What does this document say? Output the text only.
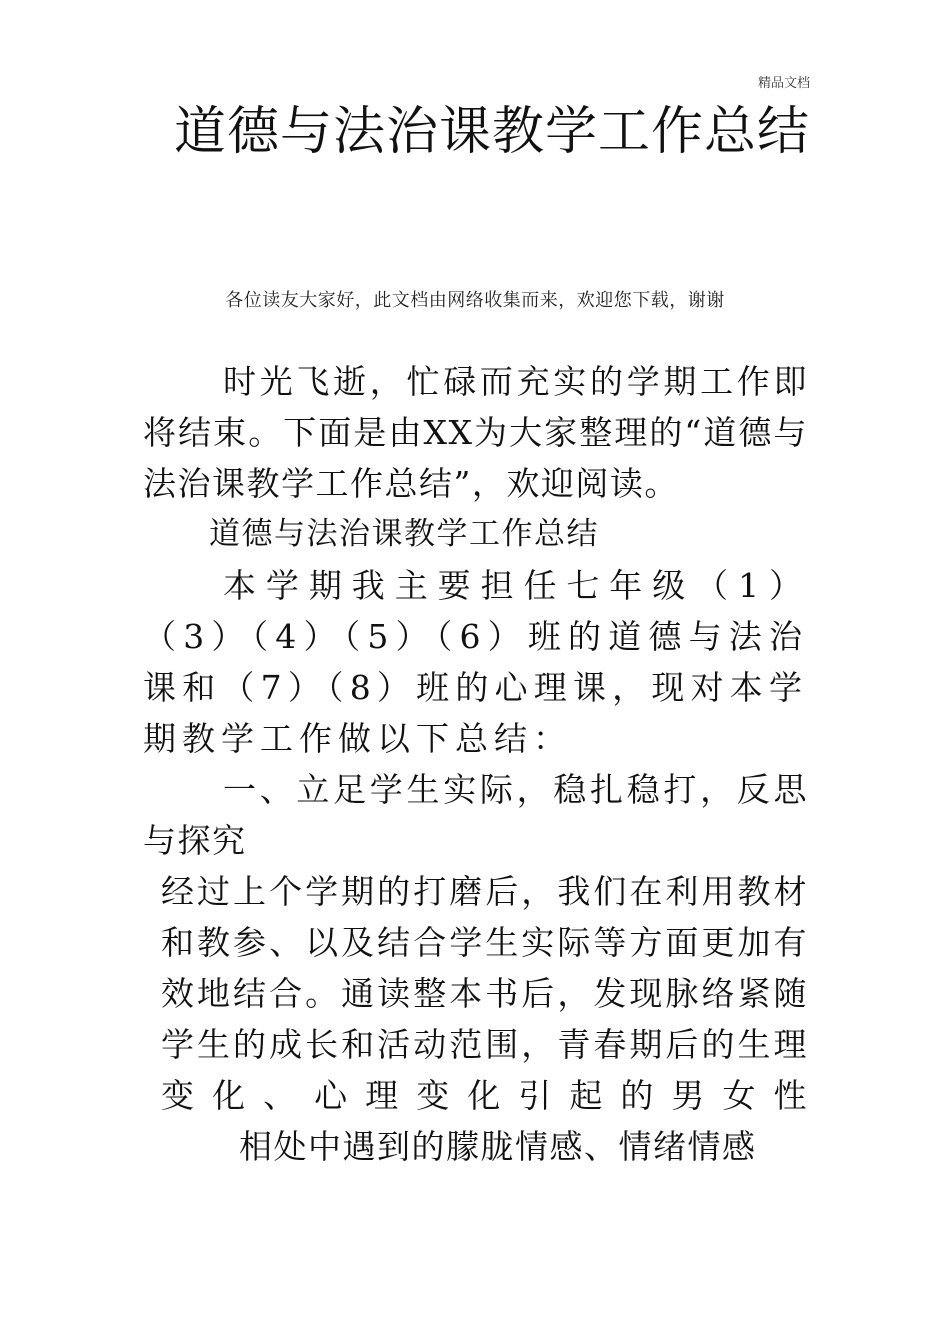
精品文档
道德与法治课教学工作总结
各位读友大家好，此文档由网络收集而来，欢迎您下载，谢谢

时光飞逝，忙碌而充实的学期工作即将结束。下面是由XX为大家整理的“道德与法治课教学工作总结”，欢迎阅读。

道德与法治课教学工作总结

本学期我主要担任七年级（1）（3）（4）（5）（6）班的道德与法治课和（7）（8）班的心理课，现对本学期教学工作做以下总结：

一、立足学生实际，稳扎稳打，反思与探究

经过上个学期的打磨后，我们在利用教材和教参、以及结合学生实际等方面更加有效地结合。通读整本书后，发现脉络紧随学生的成长和活动范围，青春期后的生理变化、心理变化引起的男女性

相处中遇到的朦胧情感、情绪情感
